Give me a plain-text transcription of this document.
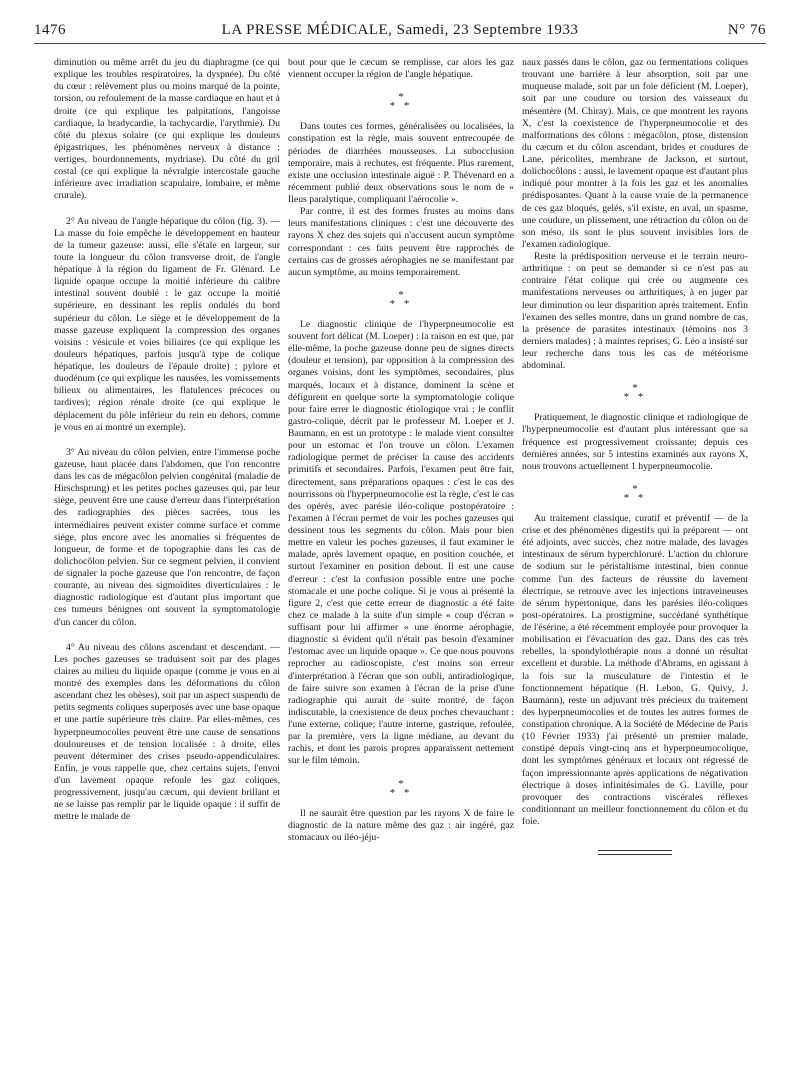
1476	LA PRESSE MÉDICALE, Samedi, 23 Septembre 1933	N° 76

diminution ou même arrêt du jeu du diaphragme (ce qui explique les troubles respiratoires, la dyspnée). Du côté du cœur : relèvement plus ou moins marqué de la pointe, torsion, ou refoulement de la masse cardiaque en haut et à droite (ce qui explique les palpitations, l'angoisse cardiaque, la bradycardie, la tachycardie, l'arythmie). Du côté du plexus solaire (ce qui explique les douleurs épigastriques, les phénomènes nerveux à distance : vertiges, bourdonnements, mydriase). Du côté du gril costal (ce qui explique la névralgie intercostale gauche inférieure avec irradiation scapulaire, lombaire, et même crurale).

2° Au niveau de l'angle hépatique du côlon (fig. 3). — La masse du foie empêche le développement en hauteur de la tumeur gazeuse: aussi, elle s'étale en largeur, sur toute la longueur du côlon transverse droit, de l'angle hépatique à la région du ligament de Fr. Glénard. Le liquide opaque occupe la moitié inférieure du calibre intestinal souvent doublé : le gaz occupe la moitié supérieure, en dessinant les replis ondulés du bord supérieur du côlon. Le siège et le développement de la masse gazeuse expliquent la compression des organes voisins : vésicule et voies biliaires (ce qui explique les douleurs hépatiques, parfois jusqu'à type de colique hépatique, les douleurs de l'épaule droite) ; pylore et duodénum (ce qui explique les nausées, les vomissements bilieux ou alimentaires, les flatulences précoces ou tardives); région rénale droite (ce qui explique le déplacement du pôle inférieur du rein en dehors, comme je vous en ai montré un exemple).

3° Au niveau du côlon pelvien, entre l'immense poche gazeuse, haut placée dans l'abdomen, que l'on rencontre dans les cas de mégacôlon pelvien congénital (maladie de Hirschsprung) et les petites poches gazeuses qui, par leur siège, peuvent être une cause d'erreur dans l'interprétation des radiographies des pièces sacrées, tous les intermédiaires peuvent exister comme surface et comme siège, plus encore avec les anomalies si fréquentes de longueur, de forme et de topographie dans les cas de dolichocôlon pelvien. Sur ce segment pelvien, il convient de signaler la poche gazeuse que l'on rencontre, de façon courante, au niveau des sigmoïdites diverticulaires : le diagnostic radiologique est d'autant plus important que ces tumeurs bénignes ont souvent la symptomatologie d'un cancer du côlon.

4° Au niveau des côlons ascendant et descendant. — Les poches gazeuses se traduisent soit par des plages claires au milieu du liquide opaque (comme je vous en ai montré des exemples dans les déformations du côlon ascendant chez les obèses), soit par un aspect suspendu de petits segments coliques superposés avec une base opaque et une partie supérieure très claire. Par elles-mêmes, ces hyperpneumocolies peuvent être une cause de sensations douloureuses et de tension localisée : à droite, elles peuvent déterminer des crises pseudo-appendiculaires. Enfin, je vous rappelle que, chez certains sujets, l'envoi d'un lavement opaque refoule les gaz coliques, progressivement, jusqu'au cæcum, qui devient brillant et ne se laisse pas remplir par le liquide opaque : il suffit de mettre le malade de

bout pour que le cæcum se remplisse, car alors les gaz viennent occuper la région de l'angle hépatique.

*
* *

Dans toutes ces formes, généralisées ou localisées, la constipation est la règle, mais souvent entrecoupée de périodes de diarrhées mousseuses. La subocclusion temporaire, mais à rechutes, est fréquente. Plus rarement, existe une occlusion intestinale aiguë : P. Thévenard en a récemment publié deux observations sous le nom de « Ileus paralytique, compliquant l'aérocolie ».

Par contre, il est des formes frustes au moins dans leurs manifestations cliniques : c'est une découverte des rayons X chez des sujets qui n'accusent aucun symptôme correspondant : ces faits peuvent être rapprochés de certains cas de grosses aérophagies ne se manifestant par aucun symptôme, au moins temporairement.

*
* *

Le diagnostic clinique de l'hyperpneumocolie est souvent fort délicat (M. Loeper) : la raison en est que, par elle-même, la poche gazeuse donne peu de signes directs (douleur et tension), par opposition à la compression des organes voisins, dont les symptômes, secondaires, plus marqués, locaux et à distance, dominent la scène et défigurent en quelque sorte la symptomatologie colique pour faire errer le diagnostic étiologique vrai ; le conflit gastro-colique, décrit par le professeur M. Loeper et J. Baumann, en est un prototype : le malade vient consulter pour un estomac et l'on trouve un côlon. L'examen radiologique permet de préciser la cause des accidents primitifs et secondaires. Parfois, l'examen peut être fait, directement, sans préparations opaques : c'est le cas des nourrissons où l'hyperpneumocolie est la règle, c'est le cas des opérés, avec parésie iléo-colique postopératoire : l'examen à l'écran permet de voir les poches gazeuses qui dessinent tous les segments du côlon. Mais pour bien mettre en valeur les poches gazeuses, il faut examiner le malade, après lavement opaque, en position couchée, et surtout l'examiner en position debout. Il est une cause d'erreur : c'est la confusion possible entre une poche stomacale et une poche colique. Si je vous ai présenté la figure 2, c'est que cette erreur de diagnostic a été faite chez ce malade à la suite d'un simple « coup d'écran » suffisant pour lui affirmer « une énorme aérophagie, diagnostic si évident qu'il n'était pas besoin d'examiner l'estomac avec un liquide opaque ». Ce que nous pouvons reprocher au radioscopiste, c'est moins son erreur d'interprétation à l'écran que son oubli, antiradiologique, de faire suivre son examen à l'écran de la prise d'une radiographie qui aurait de suite montré, de façon indiscutable, la coexistence de deux poches chevauchant : l'une externe, colique; l'autre interne, gastrique, refoulée, par la première, vers la ligne médiane, au devant du rachis, et dont les parois propres apparaissent nettement sur le film témoin.

*
* *

Il ne saurait être question par les rayons X de faire le diagnostic de la nature même des gaz : air ingéré, gaz stomacaux ou iléo-jéju-

naux passés dans le côlon, gaz ou fermentations coliques trouvant une barrière à leur absorption, soit par une muqueuse malade, soit par un foie déficient (M. Loeper), soit par une coudure ou torsion des vaisseaux du mésentère (M. Chiray). Mais, ce que montrent les rayons X, c'est la coexistence de l'hyperpneumocolie et des malformations des côlons : mégacôlon, ptose, distension du cæcum et du côlon ascendant, brides et coudures de Lane, péricolites, membrane de Jackson, et surtout, dolichocôlons : aussi, le lavement opaque est d'autant plus indiqué pour montrer à la fois les gaz et les anomalies prédisposantes. Quant à la cause vraie de la permanence de ces gaz bloqués, gelés, s'il existe, en aval, un spasme, une coudure, un plissement, une rétraction du côlon ou de son méso, ils sont le plus souvent invisibles lors de l'examen radiologique.

Reste la prédisposition nerveuse et le terrain neuro-arthritique : on peut se demander si ce n'est pas au contraire l'état colique qui crée ou augmente ces manifestations nerveuses ou arthritiques, à en juger par leur diminution ou leur disparition après traitement. Enfin l'examen des selles montre, dans un grand nombre de cas, la présence de parasites intestinaux (témoins nos 3 derniers malades) ; à maintes reprises, G. Léo a insisté sur leur recherche dans tous les cas de météorisme abdominal.

*
* *

Pratiquement, le diagnostic clinique et radiologique de l'hyperpneumocolie est d'autant plus intéressant que sa fréquence est progressivement croissante; depuis ces dernières années, sur 5 intestins examinés aux rayons X, nous trouvons actuellement 1 hyperpneumocolie.

*
* *

Au traitement classique, curatif et préventif — de la crise et des phénomènes digestifs qui la préparent — ont été adjoints, avec succès, chez notre malade, des lavages intestinaux de sérum hyperchloruré. L'action du chlorure de sodium sur le péristaltisme intestinal, bien connue comme l'un des facteurs de réussite du lavement électrique, se retrouve avec les injections intraveineuses de sérum hypertonique, dans les parésies iléo-coliques post-opératoires. La prostigmine, succédané synthétique de l'ésérine, a été récemment employée pour provoquer la mobilisation et l'évacuation des gaz. Dans des cas très rebelles, la spondylothérapie nous a donné un résultat excellent et durable. La méthode d'Abrams, en agissant à la fois sur la musculature de l'intestin et le fonctionnement hépatique (H. Lebon, G. Quivy, J. Baumann), reste un adjuvant très précieux du traitement des hyperpneumocolies et de toutes les autres formes de constipation chronique. A la Société de Médecine de Paris (10 Février 1933) j'ai présenté un premier malade, constipé depuis vingt-cinq ans et hyperpneumocolique, dont les symptômes généraux et locaux ont régressé de façon impressionnante après applications de négativation électrique à doses infinitésimales de G. Laville, pour provoquer des contractions viscérales réflexes conditionnant un meilleur fonctionnement du côlon et du foie.
